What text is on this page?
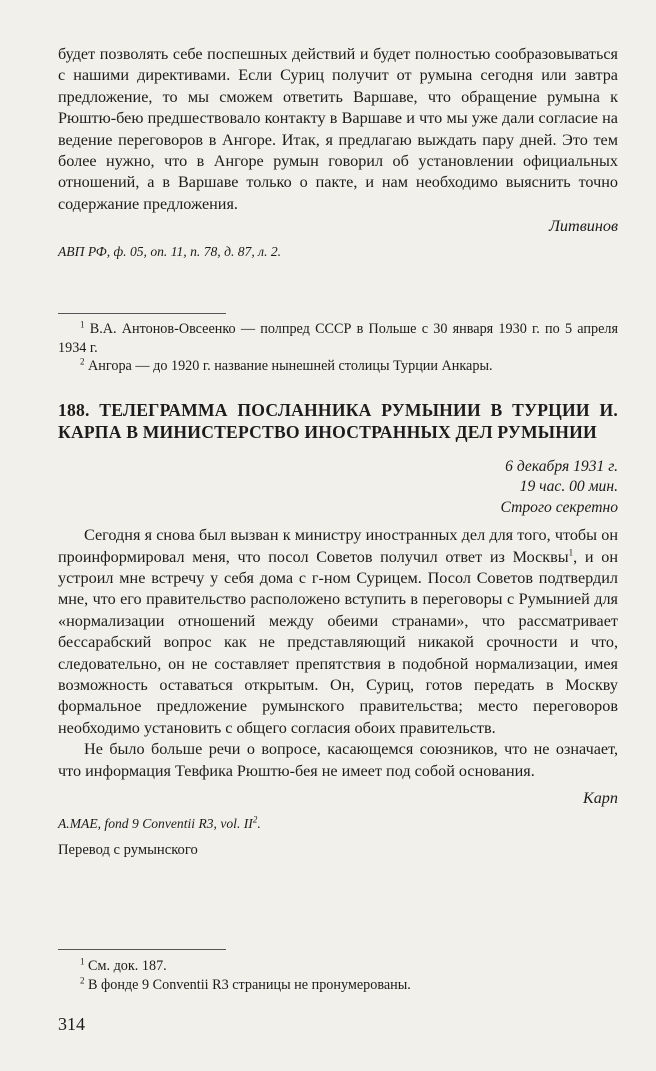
будет позволять себе поспешных действий и будет полностью сообразовываться с нашими директивами. Если Суриц получит от румына сегодня или завтра предложение, то мы сможем ответить Варшаве, что обращение румына к Рюштю-бею предшествовало контакту в Варшаве и что мы уже дали согласие на ведение переговоров в Ангоре. Итак, я предлагаю выждать пару дней. Это тем более нужно, что в Ангоре румын говорил об установлении официальных отношений, а в Варшаве только о пакте, и нам необходимо выяснить точно содержание предложения.

Литвинов

АВП РФ, ф. 05, оп. 11, п. 78, д. 87, л. 2.

$^1$ В.А. Антонов-Овсеенко — полпред СССР в Польше с 30 января 1930 г. по 5 апреля 1934 г.

$^2$ Ангора — до 1920 г. название нынешней столицы Турции Анкары.

188. ТЕЛЕГРАММА ПОСЛАННИКА РУМЫНИИ В ТУРЦИИ И. КАРПА В МИНИСТЕРСТВО ИНОСТРАННЫХ ДЕЛ РУМЫНИИ

6 декабря 1931 г.

19 час. 00 мин.

Строго секретно

Сегодня я снова был вызван к министру иностранных дел для того, чтобы он проинформировал меня, что посол Советов получил ответ из Москвы$^1$, и он устроил мне встречу у себя дома с г-ном Сурицем. Посол Советов подтвердил мне, что его правительство расположено вступить в переговоры с Румынией для «нормализации отношений между обеими странами», что рассматривает бессарабский вопрос как не представляющий никакой срочности и что, следовательно, он не составляет препятствия в подобной нормализации, имея возможность оставаться открытым. Он, Суриц, готов передать в Москву формальное предложение румынского правительства; место переговоров необходимо установить с общего согласия обоих правительств.

Не было больше речи о вопросе, касающемся союзников, что не означает, что информация Тевфика Рюштю-бея не имеет под собой основания.

Карп

A.MAE, fond 9 Conventii R3, vol. $II^2$.

Перевод с румынского

$^1$ См. док. 187.

$^2$ В фонде 9 Conventii R3 страницы не пронумерованы.

314
